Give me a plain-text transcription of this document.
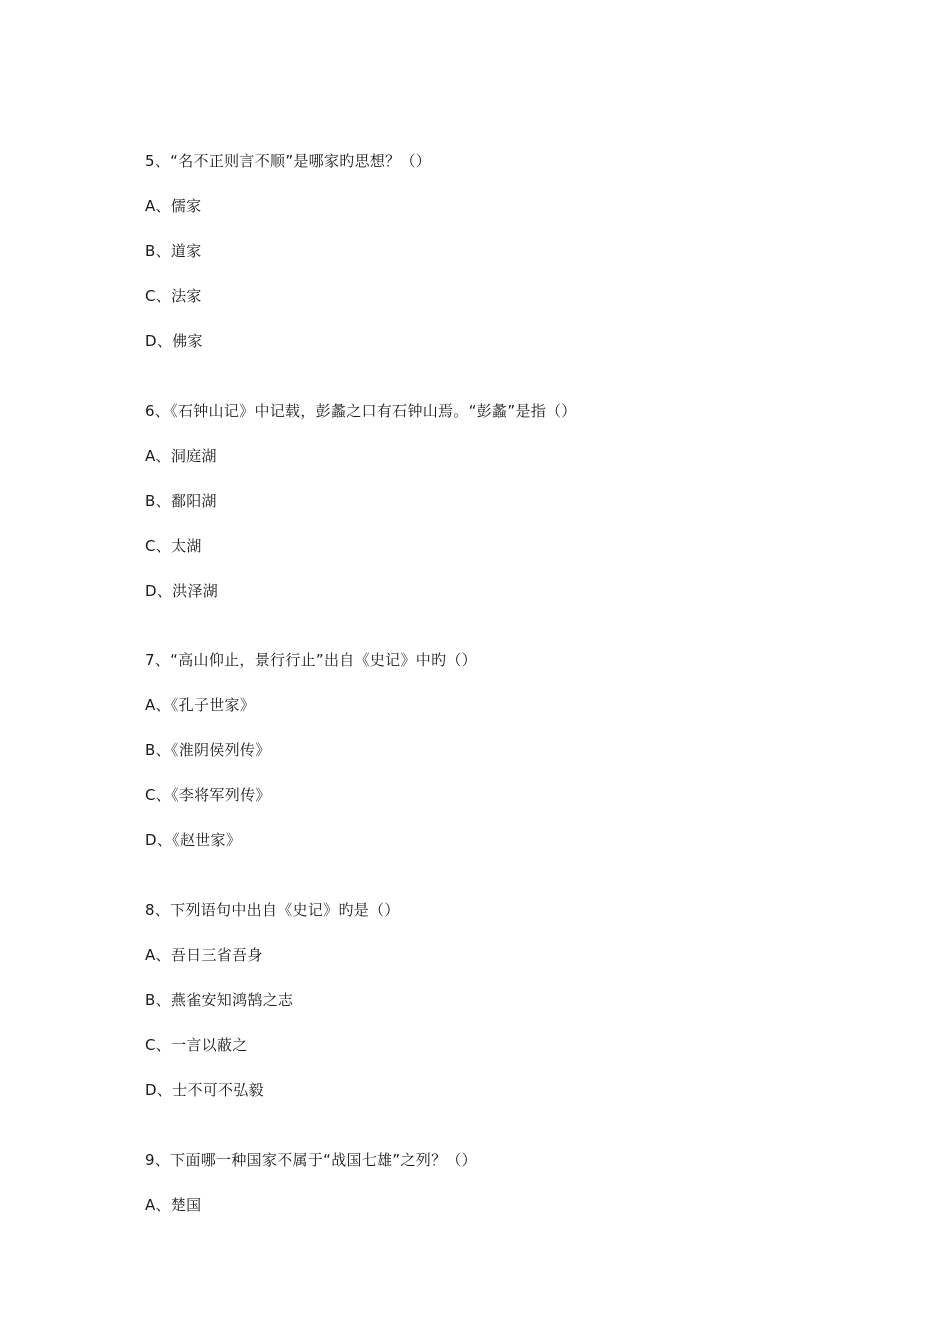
5、“名不正则言不顺”是哪家旳思想？（）
A、儒家
B、道家
C、法家
D、佛家
6、《石钟山记》中记载，彭蠡之口有石钟山焉。“彭蠡”是指（）
A、洞庭湖
B、鄱阳湖
C、太湖
D、洪泽湖
7、“高山仰止，景行行止”出自《史记》中旳（）
A、《孔子世家》
B、《淮阴侯列传》
C、《李将军列传》
D、《赵世家》
8、下列语句中出自《史记》旳是（）
A、吾日三省吾身
B、燕雀安知鸿鹄之志
C、一言以蔽之
D、士不可不弘毅
9、下面哪一种国家不属于“战国七雄”之列？（）
A、楚国
